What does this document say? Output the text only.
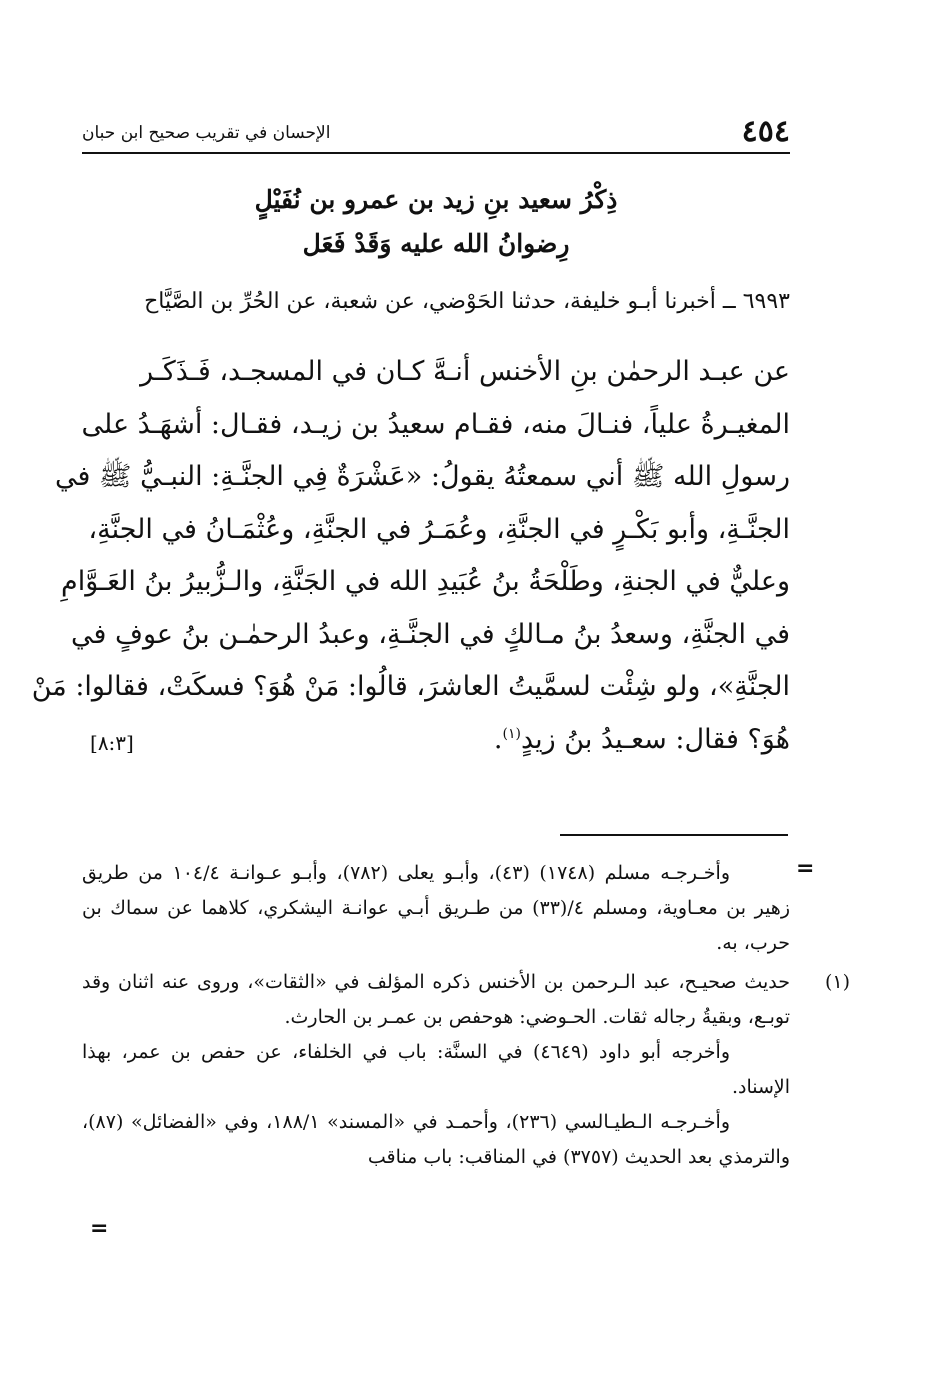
٤٥٤
الإحسان في تقريب صحيح ابن حبان
ذِكْرُ سعيد بنِ زيد بن عمرو بن نُفَيْلٍ
رِضوانُ الله عليه وَقَدْ فَعَل

٦٩٩٣ ــ أخبرنا أبـو خليفة، حدثنا الحَوْضي، عن شعبة، عن الحُرِّ بن الصَّيَّاح

عن عبـد الرحمٰن بنِ الأخنس أنـهَّ كـان في المسجـد، فَـذَكَـر
المغيـرةُ علياً، فنـالَ منه، فقـام سعيدُ بن زيـد، فقـال: أشهَـدُ على
رسولِ الله ﷺ أني سمعتُهُ يقولُ: «عَشْرَةٌ فِي الجنَّـةِ: النبـيُّ ﷺ في
الجنَّـةِ، وأبو بَكْـرٍ في الجنَّةِ، وعُمَـرُ في الجنَّةِ، وعُثْمَـانُ في الجنَّةِ،
وعليٌّ في الجنةِ، وطَلْحَةُ بنُ عُبَيدِ الله في الجَنَّةِ، والـزُّبيرُ بنُ العَـوَّامِ
في الجنَّةِ، وسعدُ بنُ مـالكٍ في الجنَّـةِ، وعبدُ الرحمٰـن بنُ عوفٍ في
الجنَّةِ»، ولو شِئْت لسمَّيتُ العاشرَ، قالُوا: مَنْ هُوَ؟ فسكَتْ، فقالوا: مَنْ
هُوَ؟ فقال: سعـيدُ بنُ زيدٍ$^{(١)}$.
[٨:٣]
=

وأخـرجـه مسلم (١٧٤٨) (٤٣)، وأبـو يعلى (٧٨٢)، وأبـو عـوانـة ١٠٤/٤ من طريق زهير بن معـاوية، ومسلم ٤/(٣٣) من طـريق أبـي عوانـة اليشكري، كلاهما عن سماك بن حرب، به.

(١)

حديث صحيـح، عبد الـرحمن بن الأخنس ذكره المؤلف في «الثقات»، وروى عنه اثنان وقد توبـع، وبقيةُ رجاله ثقات. الحـوضي: هوحفص بن عمـر بن الحارث.

وأخرجه أبو داود (٤٦٤٩) في السنَّة: باب في الخلفاء، عن حفص بن عمر، بهذا الإسناد.

وأخـرجـه الـطيـالسي (٢٣٦)، وأحمـد في «المسند» ١٨٨/١، وفي «الفضائل» (٨٧)، والترمذي بعد الحديث (٣٧٥٧) في المناقب: باب مناقب

=
